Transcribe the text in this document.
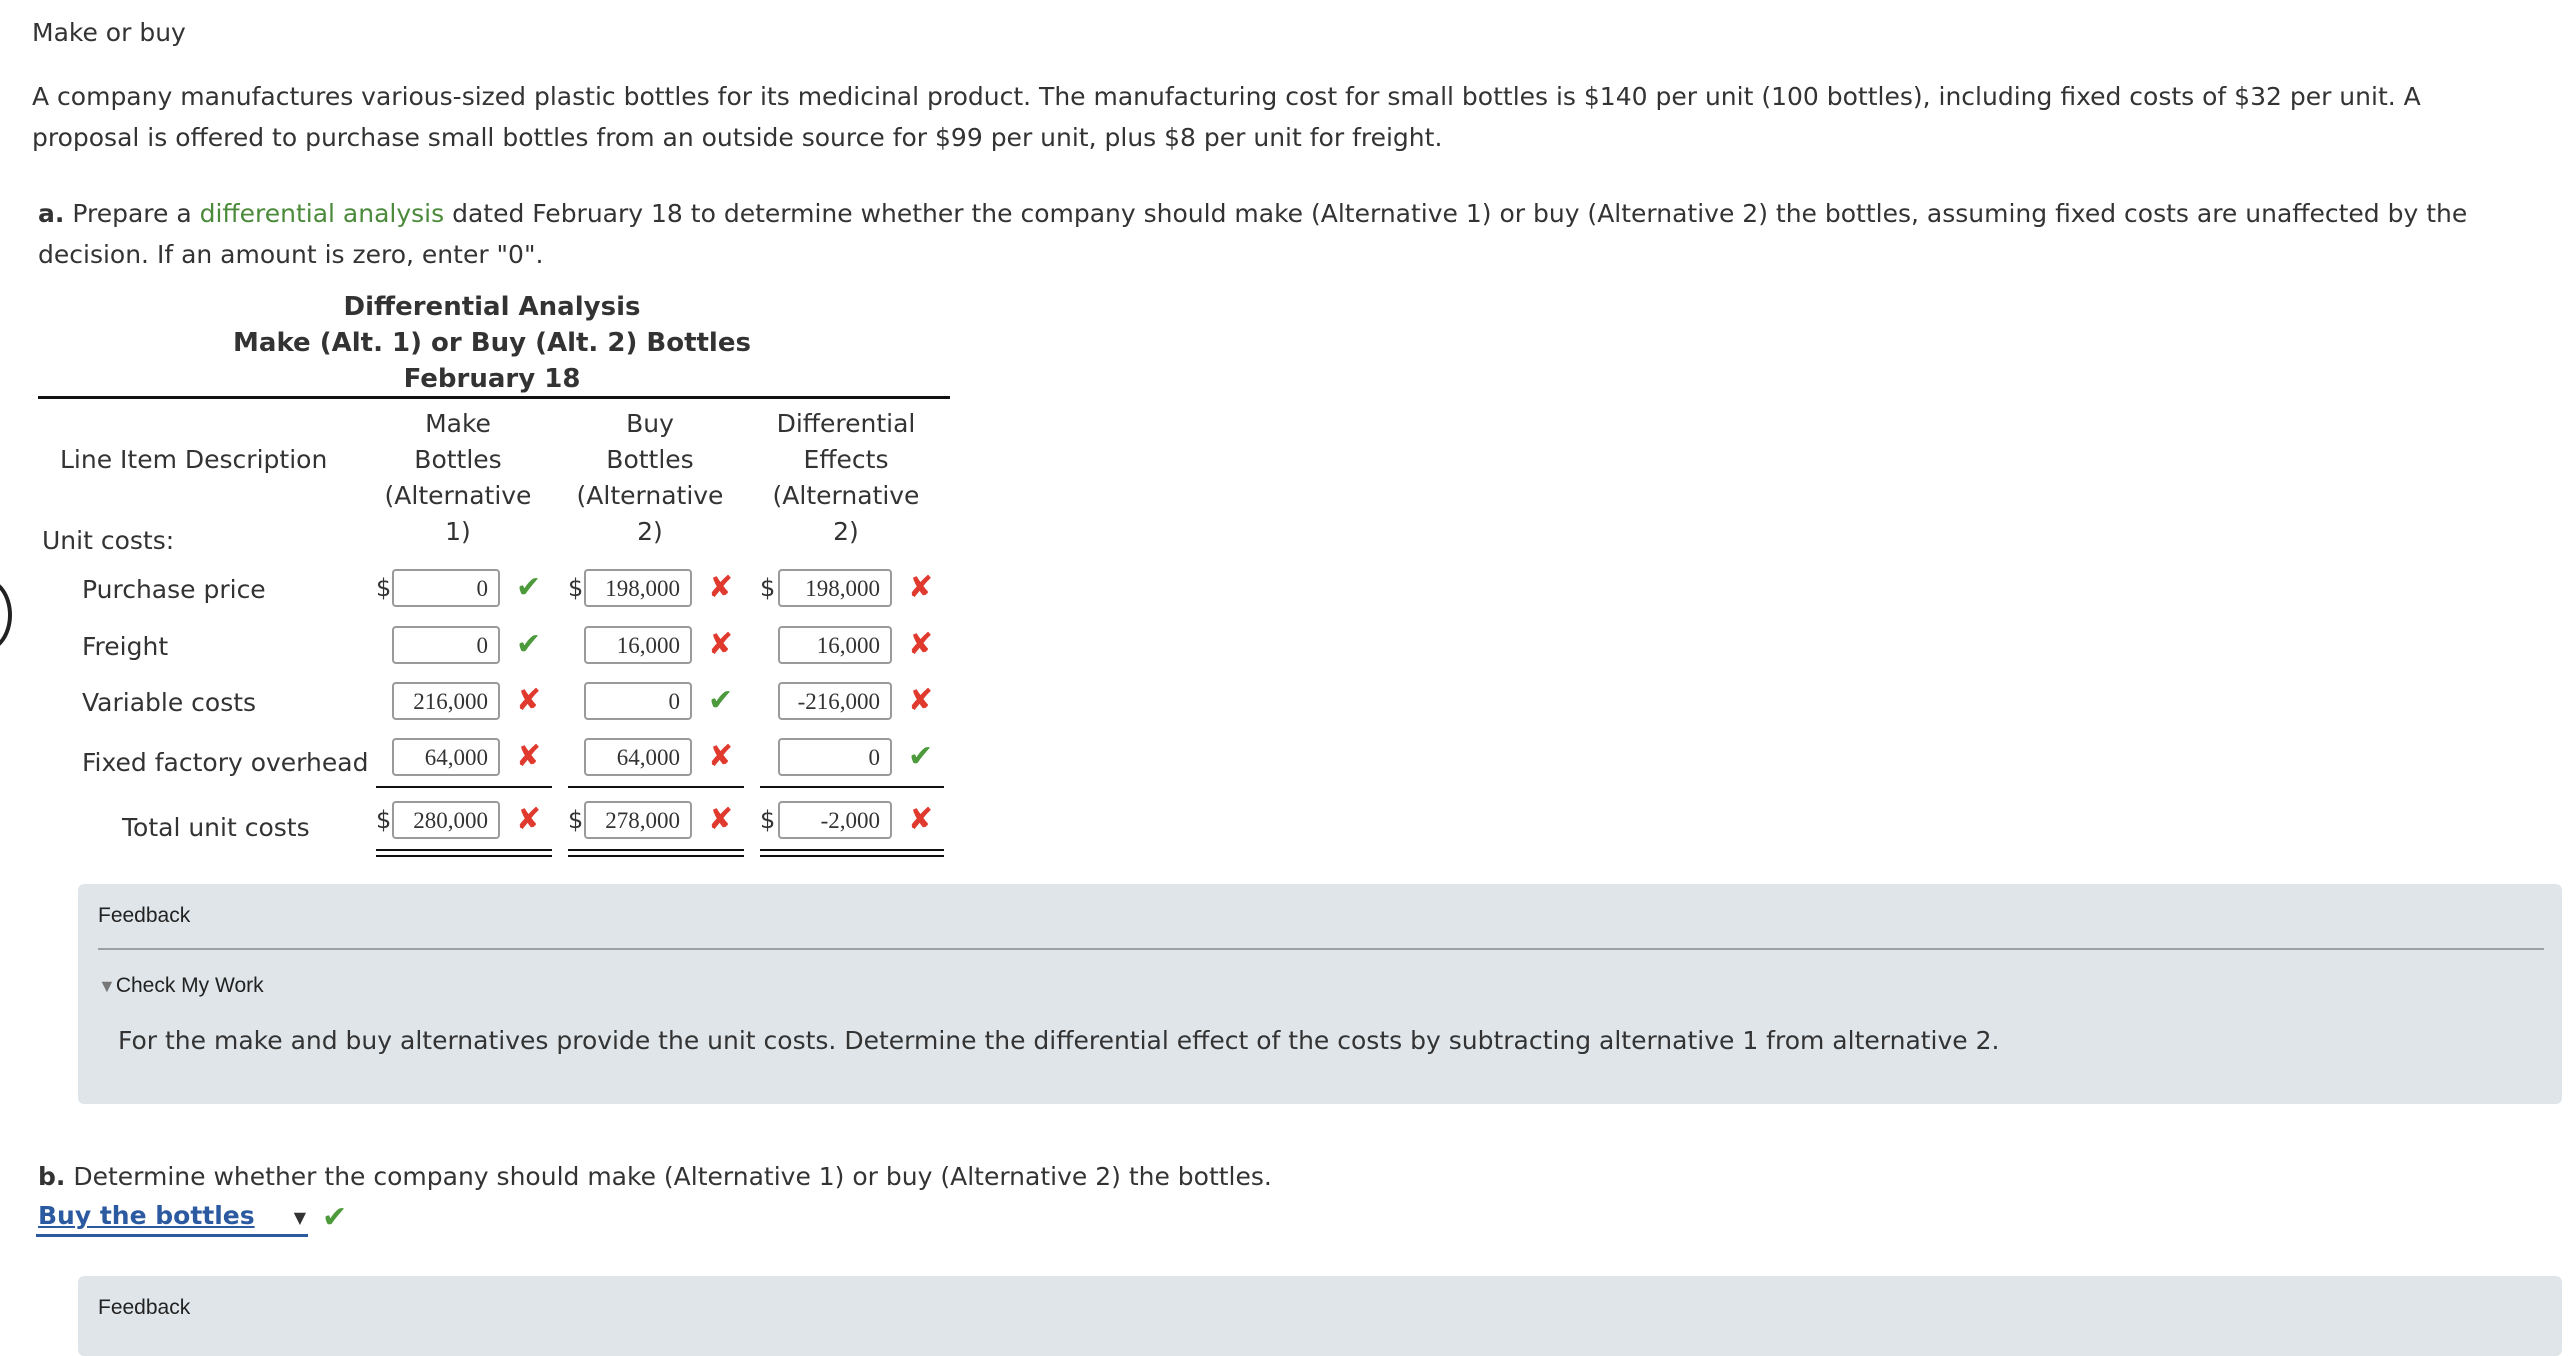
Make or buy
A company manufactures various-sized plastic bottles for its medicinal product. The manufacturing cost for small bottles is $140 per unit (100 bottles), including fixed costs of $32 per unit. A proposal is offered to purchase small bottles from an outside source for $99 per unit, plus $8 per unit for freight.
a. Prepare a differential analysis dated February 18 to determine whether the company should make (Alternative 1) or buy (Alternative 2) the bottles, assuming fixed costs are unaffected by the decision. If an amount is zero, enter "0".
Differential Analysis
Make (Alt. 1) or Buy (Alt. 2) Bottles
February 18
Line Item Description
Make
Bottles
(Alternative 1)
Buy
Bottles
(Alternative 2)
Differential
Effects
(Alternative 2)
Unit costs:
Purchase price	$	0 ✔ $ 198,000 ✘ $	198,000 ✘
Freight	0 ✔	16,000 ✘	16,000 ✘
Variable costs	216,000 ✘	0 ✔	-216,000 ✘
Fixed factory overhead	64,000 ✘	64,000 ✘	0 ✔
Total unit costs	$ 280,000 ✘ $ 278,000 ✘ $	-2,000 ✘
Feedback
▼Check My Work
For the make and buy alternatives provide the unit costs. Determine the differential effect of the costs by subtracting alternative 1 from alternative 2.
b. Determine whether the company should make (Alternative 1) or buy (Alternative 2) the bottles.
Buy the bottles ▼ ✔
Feedback
